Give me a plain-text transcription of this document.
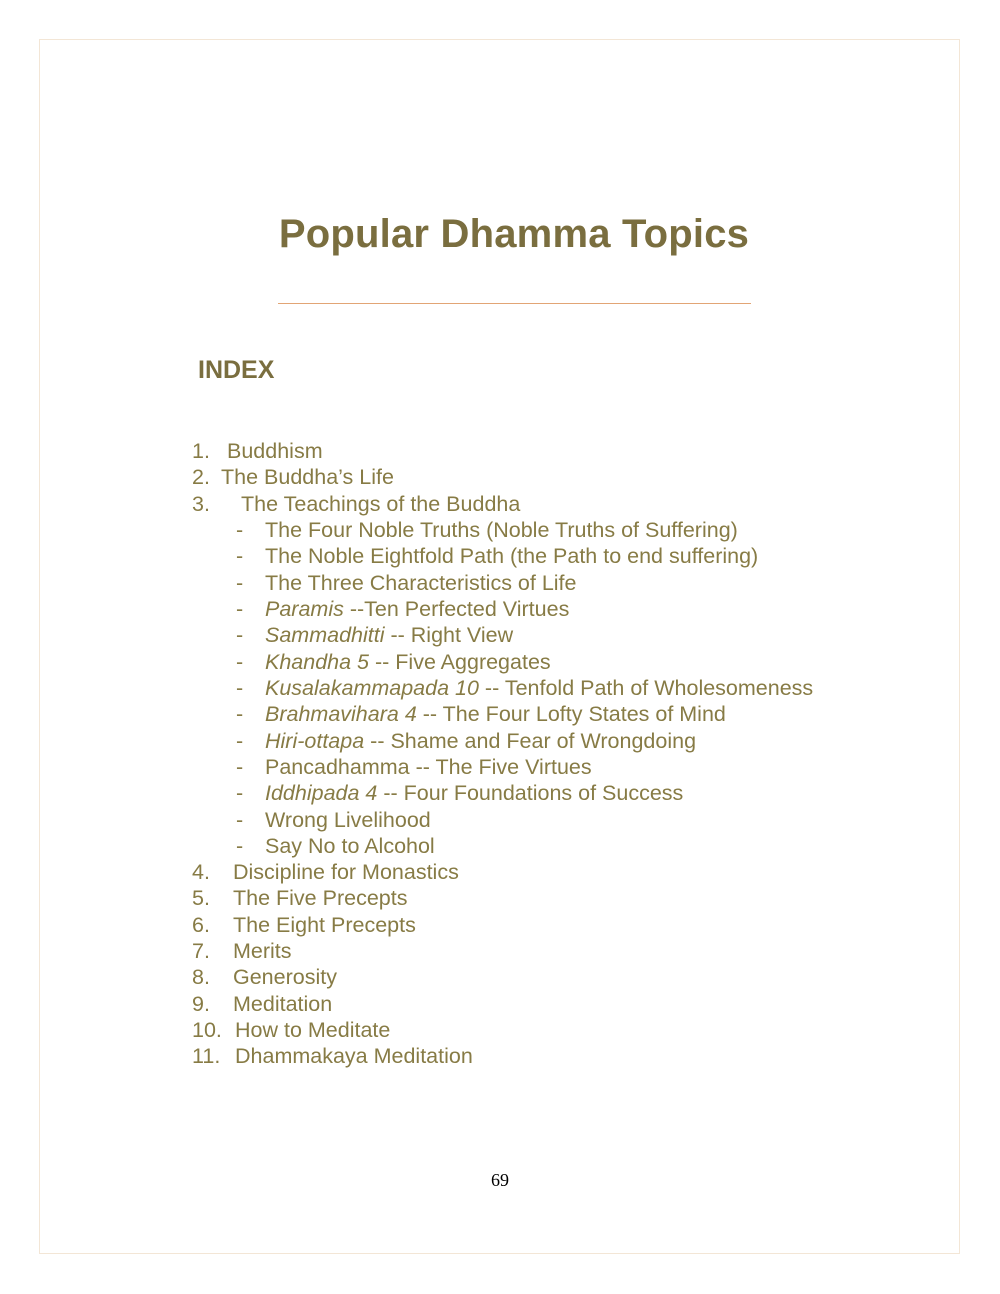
Popular Dhamma Topics
INDEX
1. Buddhism
2. The Buddha’s Life
3. The Teachings of the Buddha
- The Four Noble Truths (Noble Truths of Suffering)
- The Noble Eightfold Path (the Path to end suffering)
- The Three Characteristics of Life
- Paramis --Ten Perfected Virtues
- Sammadhitti -- Right View
- Khandha 5 -- Five Aggregates
- Kusalakammapada 10 -- Tenfold Path of Wholesomeness
- Brahmavihara 4 -- The Four Lofty States of Mind
- Hiri-ottapa -- Shame and Fear of Wrongdoing
- Pancadhamma -- The Five Virtues
- Iddhipada 4 -- Four Foundations of Success
- Wrong Livelihood
- Say No to Alcohol
4. Discipline for Monastics
5. The Five Precepts
6. The Eight Precepts
7. Merits
8. Generosity
9. Meditation
10. How to Meditate
11. Dhammakaya Meditation
69
